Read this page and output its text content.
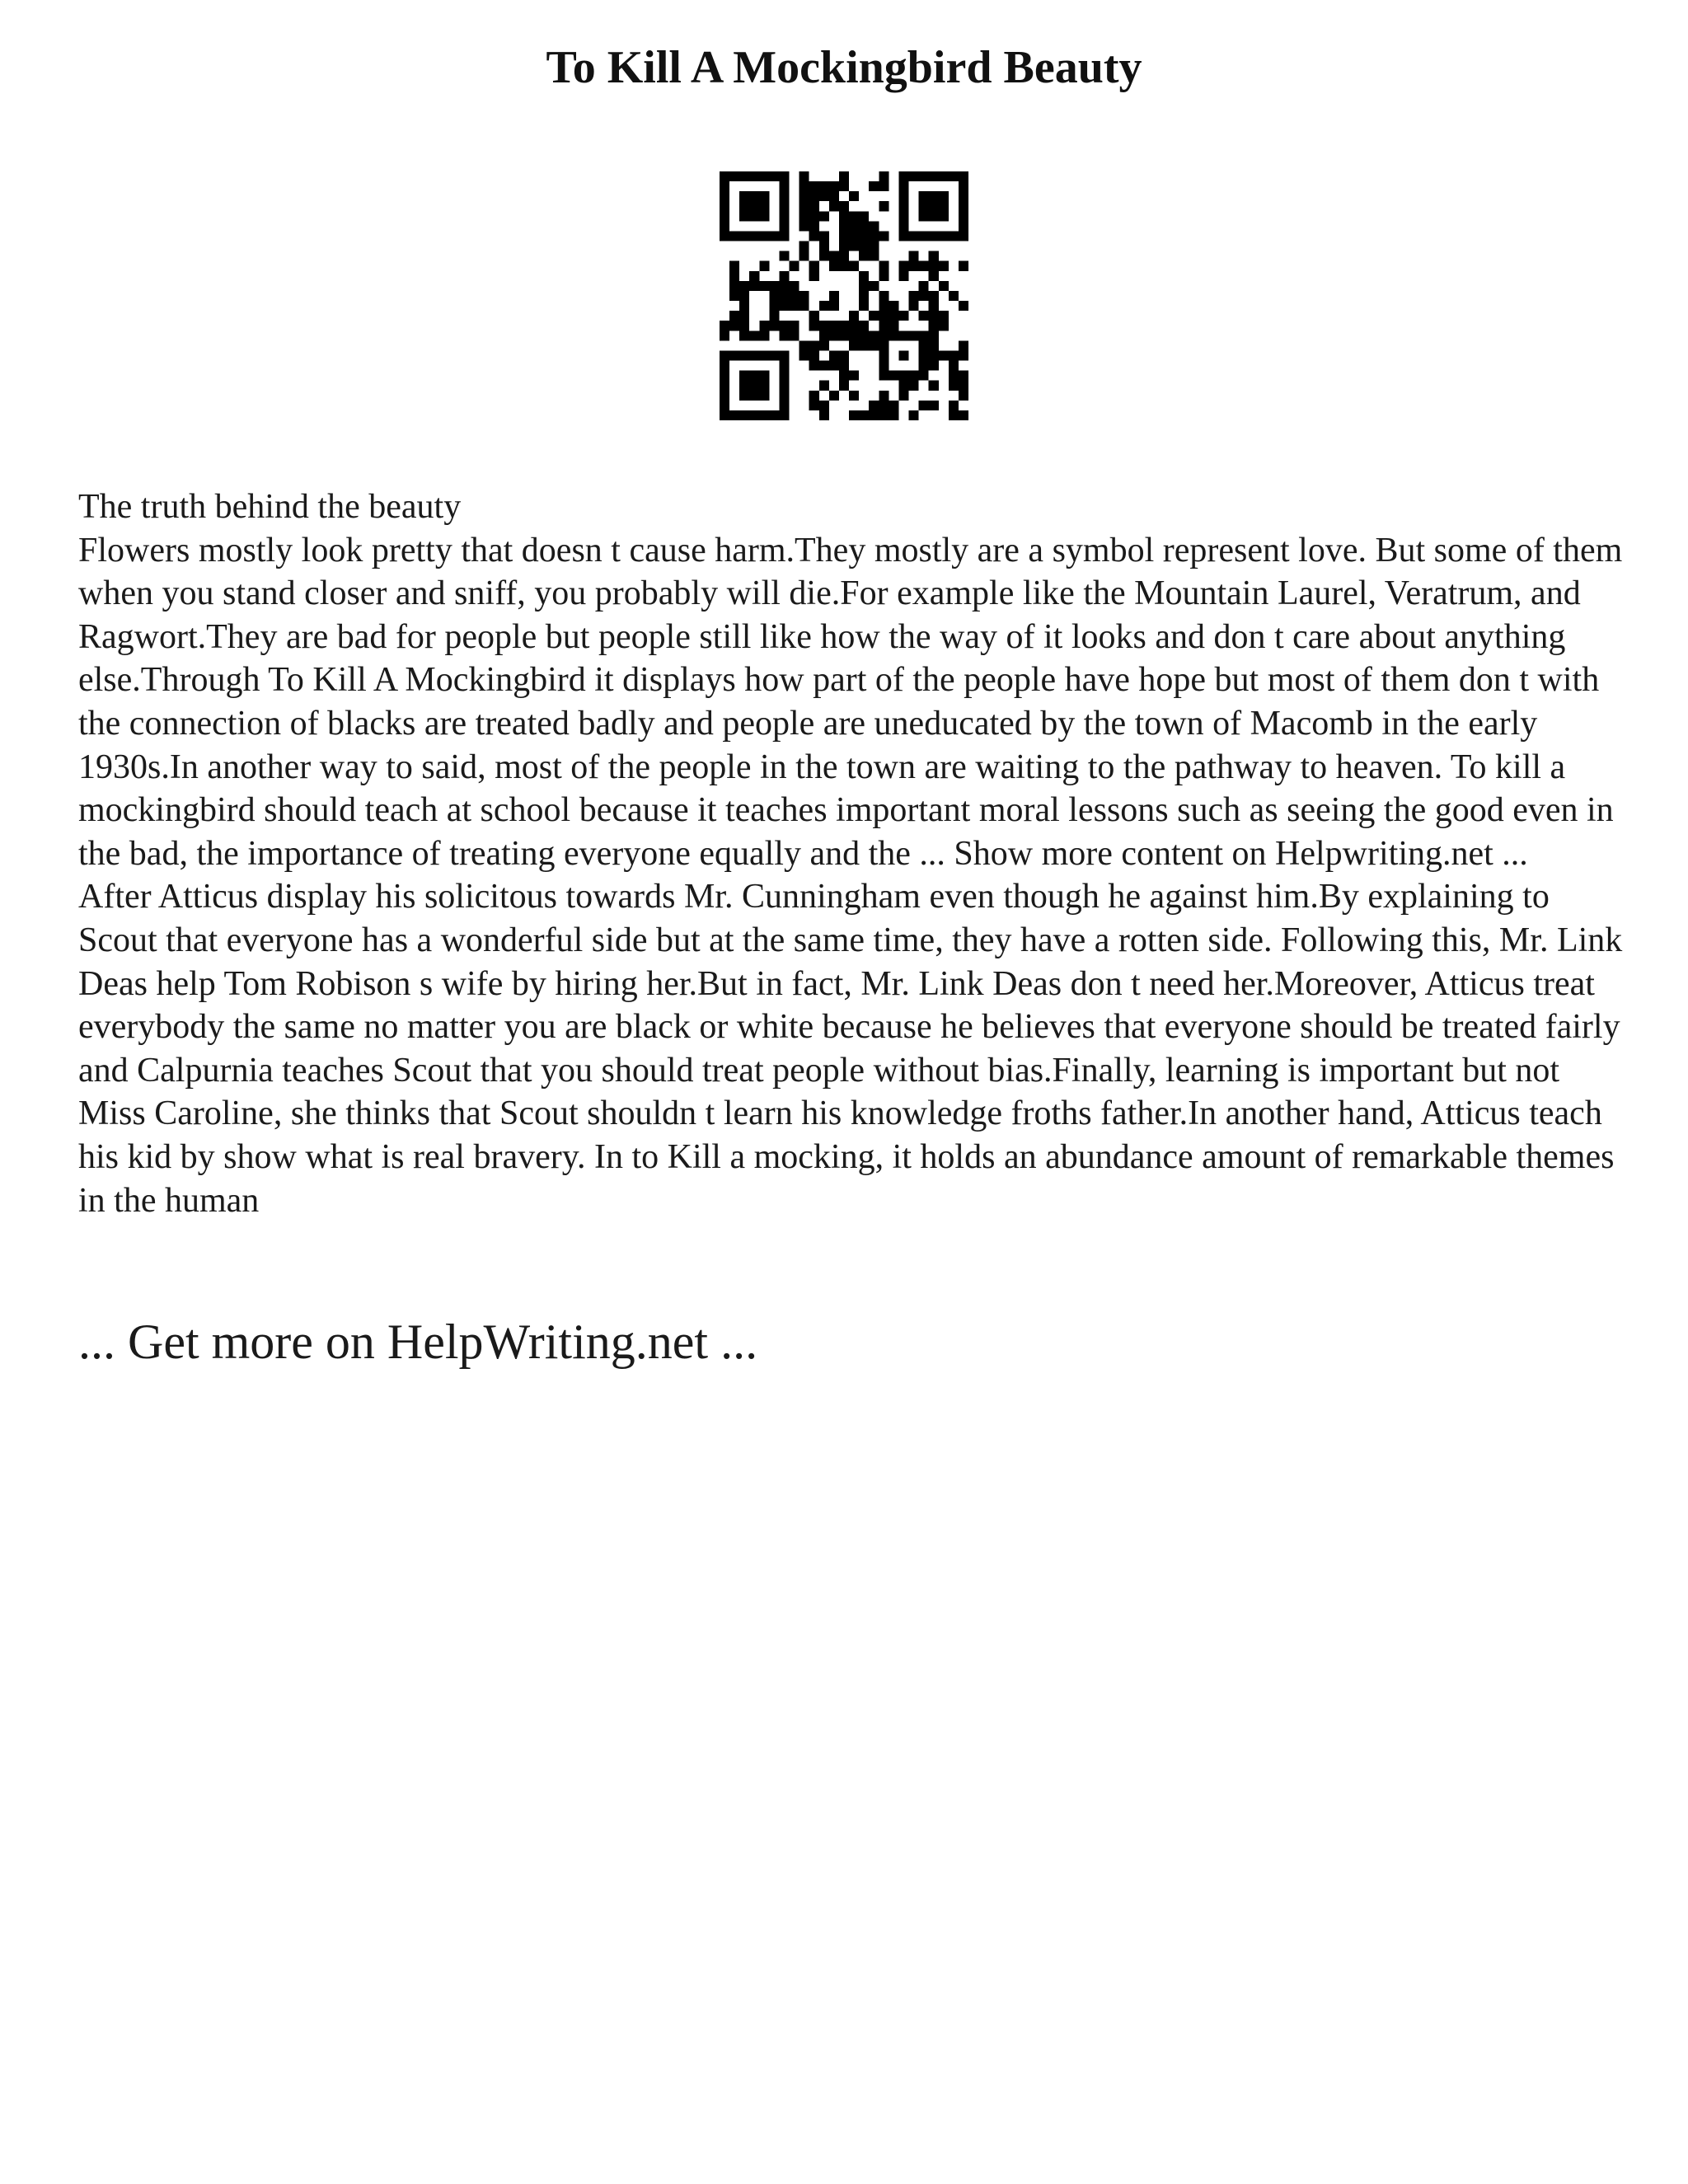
To Kill A Mockingbird Beauty

The truth behind the beauty

Flowers mostly look pretty that doesn t cause harm.They mostly are a symbol represent love. But some of them when you stand closer and sniff, you probably will die.For example like the Mountain Laurel, Veratrum, and Ragwort.They are bad for people but people still like how the way of it looks and don t care about anything else.Through To Kill A Mockingbird it displays how part of the people have hope but most of them don t with the connection of blacks are treated badly and people are uneducated by the town of Macomb in the early 1930s.In another way to said, most of the people in the town are waiting to the pathway to heaven. To kill a mockingbird should teach at school because it teaches important moral lessons such as seeing the good even in the bad, the importance of treating everyone equally and the ... Show more content on Helpwriting.net ...

After Atticus display his solicitous towards Mr. Cunningham even though he against him.By explaining to Scout that everyone has a wonderful side but at the same time, they have a rotten side. Following this, Mr. Link Deas help Tom Robison s wife by hiring her.But in fact, Mr. Link Deas don t need her.Moreover, Atticus treat everybody the same no matter you are black or white because he believes that everyone should be treated fairly and Calpurnia teaches Scout that you should treat people without bias.Finally, learning is important but not Miss Caroline, she thinks that Scout shouldn t learn his knowledge froths father.In another hand, Atticus teach his kid by show what is real bravery. In to Kill a mocking, it holds an abundance amount of remarkable themes in the human

... Get more on HelpWriting.net ...
